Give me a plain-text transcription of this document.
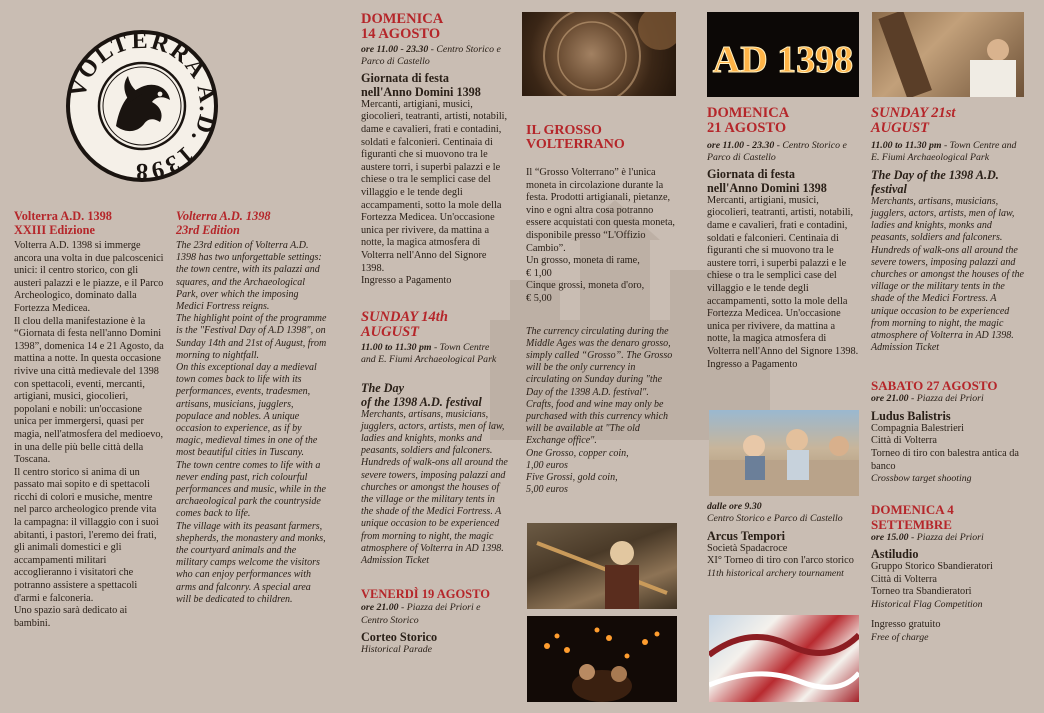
VOLTERRA A.D. 1398

Volterra A.D. 1398

XXIII Edizione

Volterra A.D. 1398 si immerge ancora una volta in due palcoscenici unici: il centro storico, con gli austeri palazzi e le piazze, e il Parco Archeologico, dominato dalla Fortezza Medicea.

Il clou della manifestazione è la “Giornata di festa nell'anno Domini 1398”, domenica 14 e 21 Agosto, da mattina a notte. In questa occasione rivive una città medievale del 1398 con spettacoli, eventi, mercanti, artigiani, musici, giocolieri, popolani e nobili: un'occasione unica per immergersi, quasi per magia, nell'atmosfera del medioevo, in una delle più belle città della Toscana.

Il centro storico si anima di un passato mai sopito e di spettacoli ricchi di colori e musiche, mentre nel parco archeologico prende vita la campagna: il villaggio con i suoi abitanti, i pastori, l'eremo dei frati, gli animali domestici e gli accampamenti militari accoglieranno i visitatori che potranno assistere a spettacoli d'armi e falconeria.

Uno spazio sarà dedicato ai bambini.

Volterra A.D. 1398

23rd Edition

The 23rd edition of Volterra A.D. 1398 has two unforgettable settings: the town centre, with its palazzi and squares, and the Archaeological Park, over which the imposing Medici Fortress reigns.

The highlight point of the programme is the "Festival Day of A.D 1398", on Sunday 14th and 21st of August, from morning to nightfall.

On this exceptional day a medieval town comes back to life with its performances, events, tradesmen, artisans, musicians, jugglers, populace and nobles. A unique occasion to experience, as if by magic, medieval times in one of the most beautiful cities in Tuscany.

The town centre comes to life with a never ending past, rich colourful performances and music, while in the archaeological park the countryside comes back to life.

The village with its peasant farmers, shepherds, the monastery and monks, the courtyard animals and the military camps welcome the visitors who can enjoy performances with arms and falconry. A special area will be dedicated to children.

DOMENICA

14 AGOSTO

ore 11.00 - 23.30 - Centro Storico e Parco di Castello

Giornata di festa

nell'Anno Domini 1398

Mercanti, artigiani, musici, giocolieri, teatranti, artisti, notabili, dame e cavalieri, frati e contadini, soldati e falconieri. Centinaia di figuranti che si muovono tra le austere torri, i superbi palazzi e le chiese o tra le semplici case del villaggio e le tende degli accampamenti, sotto la mole della Fortezza Medicea. Un'occasione unica per rivivere, da mattina a notte, la magica atmosfera di Volterra nell'Anno del Signore 1398.

Ingresso a Pagamento

SUNDAY 14th

AUGUST

11.00 to 11.30 pm - Town Centre

and E. Fiumi Archaeological Park

The Day

of the 1398 A.D. festival

Merchants, artisans, musicians, jugglers, actors, artists, men of law, ladies and knights, monks and peasants, soldiers and falconers. Hundreds of walk-ons all around the severe towers, imposing palazzi and churches or amongst the houses of the village or the military tents in the shade of the Medici Fortress. A unique occasion to be experienced from morning to night, the magic atmosphere of Volterra in AD 1398.

Admission Ticket

VENERDÌ 19 AGOSTO

ore 21.00 - Piazza dei Priori e Centro Storico

Corteo Storico

Historical Parade

IL GROSSO

VOLTERRANO

Il “Grosso Volterrano” è l'unica moneta in circolazione durante la festa. Prodotti artigianali, pietanze, vino e ogni altra cosa potranno essere acquistati con questa moneta, disponibile presso “L'Offizio Cambio”.

Un grosso, moneta di rame,

€ 1,00

Cinque grossi, moneta d'oro,

€ 5,00

The currency circulating during the Middle Ages was the denaro grosso, simply called “Grosso”. The Grosso will be the only currency in circulating on Sunday during "the Day of the 1398 A.D. festival". Crafts, food and wine may only be purchased with this currency which will be available at "The old Exchange office".

One Grosso, copper coin,

1,00 euros

Five Grossi, gold coin,

5,00 euros

AD 1398

DOMENICA

21 AGOSTO

ore 11.00 - 23.30 - Centro Storico e Parco di Castello

Giornata di festa

nell'Anno Domini 1398

Mercanti, artigiani, musici, giocolieri, teatranti, artisti, notabili, dame e cavalieri, frati e contadini, soldati e falconieri. Centinaia di figuranti che si muovono tra le austere torri, i superbi palazzi e le chiese o tra le semplici case del villaggio e le tende degli accampamenti, sotto la mole della Fortezza Medicea. Un'occasione unica per rivivere, da mattina a notte, la magica atmosfera di Volterra nell'Anno del Signore 1398.

Ingresso a Pagamento

dalle ore 9.30

Centro Storico e Parco di Castello

Arcus Tempori

Società Spadacroce

XI° Torneo di tiro con l'arco storico

11th historical archery tournament

SUNDAY 21st

AUGUST

11.00 to 11.30 pm - Town Centre and E. Fiumi Archaeological Park

The Day of the 1398 A.D.

festival

Merchants, artisans, musicians, jugglers, actors, artists, men of law, ladies and knights, monks and peasants, soldiers and falconers. Hundreds of walk-ons all around the severe towers, imposing palazzi and churches or amongst the houses of the village or the military tents in the shade of the Medici Fortress. A unique occasion to be experienced from morning to night, the magic atmosphere of Volterra in AD 1398.

Admission Ticket

SABATO 27 AGOSTO

ore 21.00 - Piazza dei Priori

Ludus Balistris

Compagnia Balestrieri

Città di Volterra

Torneo di tiro con balestra antica da banco

Crossbow target shooting

DOMENICA 4

SETTEMBRE

ore 15.00 - Piazza dei Priori

Astiludio

Gruppo Storico Sbandieratori

Città di Volterra

Torneo tra Sbandieratori

Historical Flag Competition

Ingresso gratuito

Free of charge
